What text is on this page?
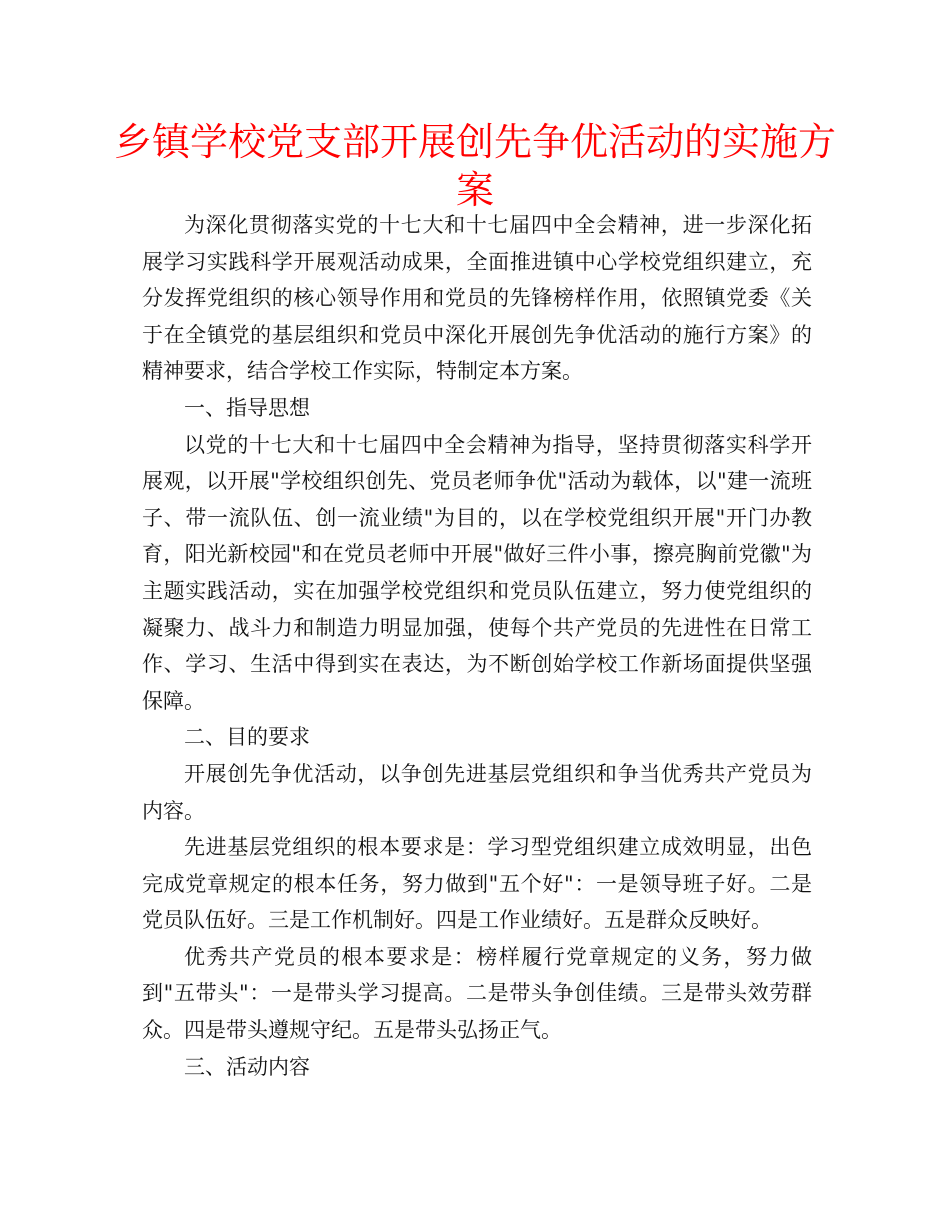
乡镇学校党支部开展创先争优活动的实施方案

为深化贯彻落实党的十七大和十七届四中全会精神，进一步深化拓展学习实践科学开展观活动成果，全面推进镇中心学校党组织建立，充分发挥党组织的核心领导作用和党员的先锋榜样作用，依照镇党委《关于在全镇党的基层组织和党员中深化开展创先争优活动的施行方案》的精神要求，结合学校工作实际，特制定本方案。

一、指导思想

以党的十七大和十七届四中全会精神为指导，坚持贯彻落实科学开展观，以开展"学校组织创先、党员老师争优"活动为载体，以"建一流班子、带一流队伍、创一流业绩"为目的，以在学校党组织开展"开门办教育，阳光新校园"和在党员老师中开展"做好三件小事，擦亮胸前党徽"为主题实践活动，实在加强学校党组织和党员队伍建立，努力使党组织的凝聚力、战斗力和制造力明显加强，使每个共产党员的先进性在日常工作、学习、生活中得到实在表达，为不断创始学校工作新场面提供坚强保障。

二、目的要求

开展创先争优活动，以争创先进基层党组织和争当优秀共产党员为内容。

先进基层党组织的根本要求是：学习型党组织建立成效明显，出色完成党章规定的根本任务，努力做到"五个好"：一是领导班子好。二是党员队伍好。三是工作机制好。四是工作业绩好。五是群众反映好。

优秀共产党员的根本要求是：榜样履行党章规定的义务，努力做到"五带头"：一是带头学习提高。二是带头争创佳绩。三是带头效劳群众。四是带头遵规守纪。五是带头弘扬正气。

三、活动内容
